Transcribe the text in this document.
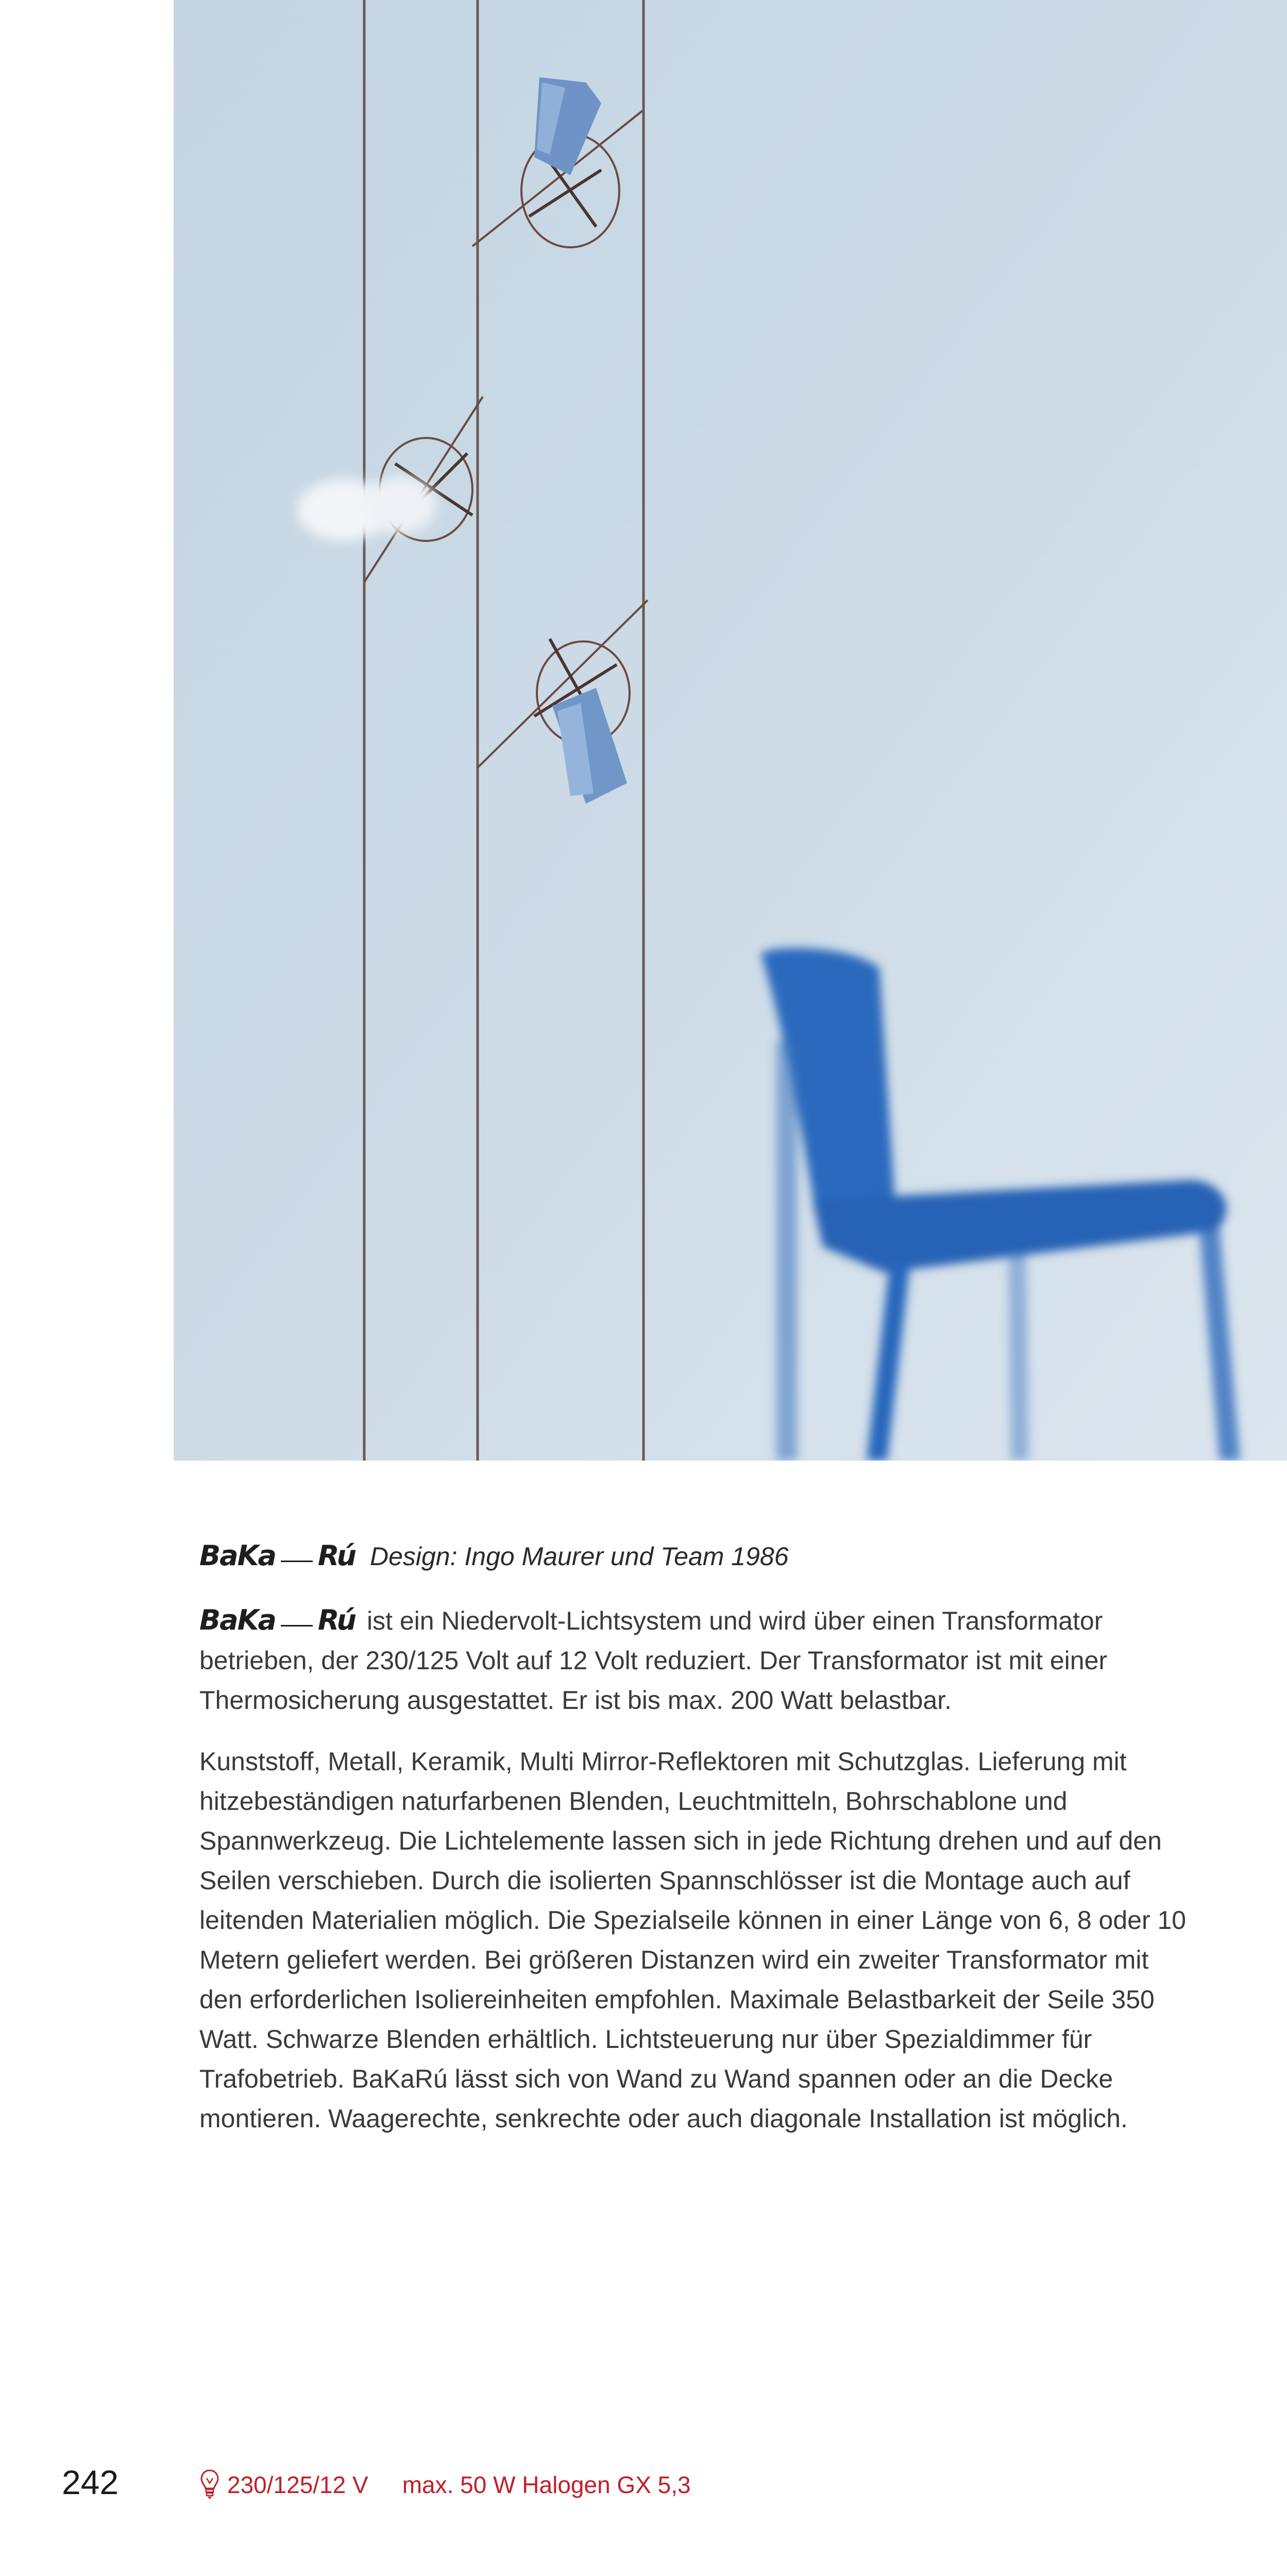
BaKa Rú Design: Ingo Maurer und Team 1986

BaKa Rú ist ein Niedervolt-Lichtsystem und wird über einen Transformator betrieben, der 230/125 Volt auf 12 Volt reduziert. Der Transformator ist mit einer Thermosicherung ausgestattet. Er ist bis max. 200 Watt belastbar.

Kunststoff, Metall, Keramik, Multi Mirror-Reflektoren mit Schutzglas. Lieferung mit hitzebeständigen naturfarbenen Blenden, Leuchtmitteln, Bohrschablone und Spannwerkzeug. Die Lichtelemente lassen sich in jede Richtung drehen und auf den Seilen verschieben. Durch die isolierten Spannschlösser ist die Montage auch auf leitenden Materialien möglich. Die Spezialseile können in einer Länge von 6, 8 oder 10 Metern geliefert werden. Bei größeren Distanzen wird ein zweiter Transformator mit den erforderlichen Isoliereinheiten empfohlen. Maximale Belastbarkeit der Seile 350 Watt. Schwarze Blenden erhältlich. Lichtsteuerung nur über Spezialdimmer für Trafobetrieb. BaKaRú lässt sich von Wand zu Wand spannen oder an die Decke montieren. Waagerechte, senkrechte oder auch diagonale Installation ist möglich.

242	230/125/12 V max. 50 W Halogen GX 5,3
